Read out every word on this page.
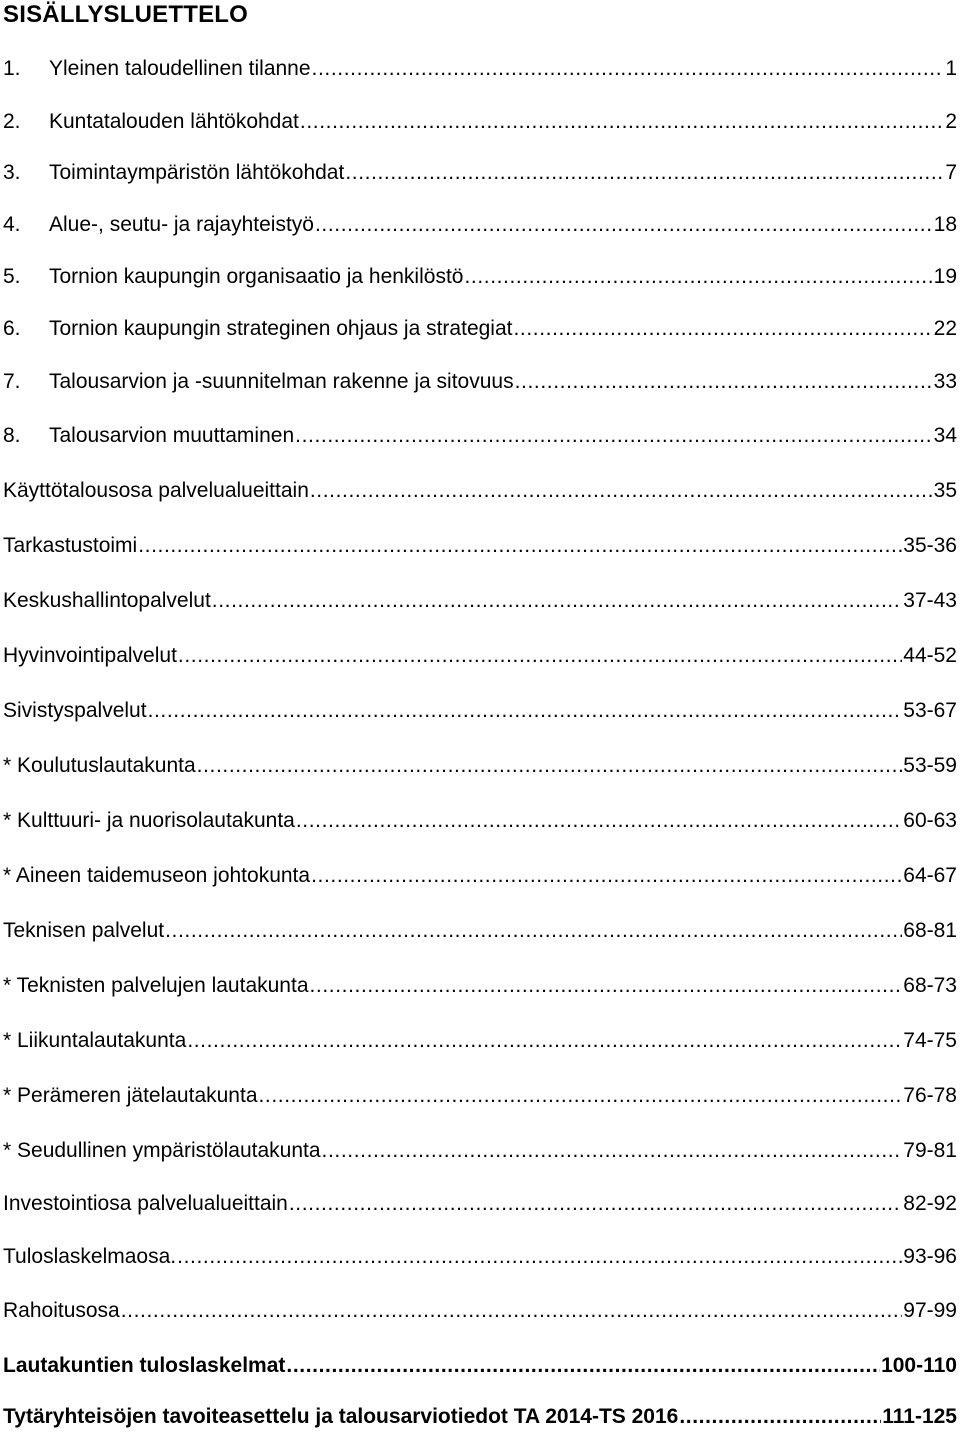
SISÄLLYSLUETTELO
1.	Yleinen taloudellinen tilanne .....	1
2.	Kuntatalouden lähtökohdat .....	2
3.	Toimintaympäristön lähtökohdat .....	7
4.	Alue-, seutu- ja rajayhteistyö .....	18
5.	Tornion kaupungin organisaatio ja henkilöstö .....	19
6.	Tornion kaupungin strateginen ohjaus ja strategiat .....	22
7.	Talousarvion ja -suunnitelman rakenne ja sitovuus .....	33
8.	Talousarvion muuttaminen .....	34
Käyttötalousosa palvelualueittain .....	35
Tarkastustoimi .....	35-36
Keskushallintopalvelut .....	37-43
Hyvinvointipalvelut .....	44-52
Sivistyspalvelut .....	53-67
* Koulutuslautakunta .....	53-59
* Kulttuuri- ja nuorisolautakunta .....	60-63
* Aineen taidemuseon johtokunta .....	64-67
Teknisen palvelut .....	68-81
* Teknisten palvelujen lautakunta .....	68-73
* Liikuntalautakunta .....	74-75
* Perämeren jätelautakunta .....	76-78
* Seudullinen ympäristölautakunta .....	79-81
Investointiosa palvelualueittain .....	82-92
Tuloslaskelmaosa. .....	93-96
Rahoitusosa .....	97-99
Lautakuntien tuloslaskelmat .....	100-110
Tytäryhteisöjen tavoiteasettelu ja talousarviotiedot TA 2014-TS 2016 .....	111-125
